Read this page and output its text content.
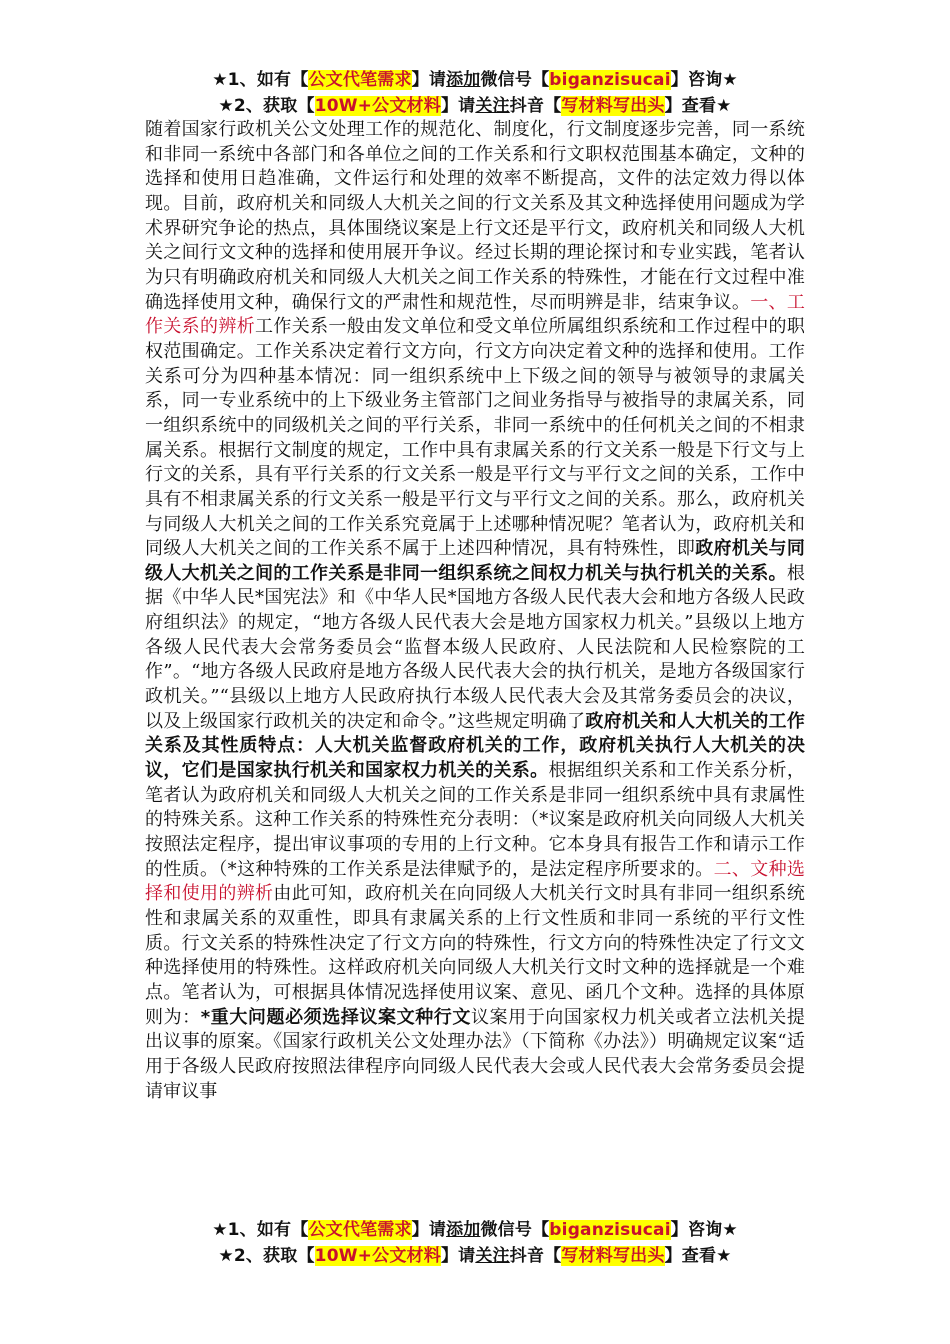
★1、如有【公文代笔需求】请添加微信号【biganzisucai】咨询★
★2、获取【10W+公文材料】请关注抖音【写材料写出头】查看★

随着国家行政机关公文处理工作的规范化、制度化，行文制度逐步完善，同一系统和非同一系统中各部门和各单位之间的工作关系和行文职权范围基本确定，文种的选择和使用日趋准确，文件运行和处理的效率不断提高，文件的法定效力得以体现。目前，政府机关和同级人大机关之间的行文关系及其文种选择使用问题成为学术界研究争论的热点，具体围绕议案是上行文还是平行文，政府机关和同级人大机关之间行文文种的选择和使用展开争议。经过长期的理论探讨和专业实践，笔者认为只有明确政府机关和同级人大机关之间工作关系的特殊性，才能在行文过程中准确选择使用文种，确保行文的严肃性和规范性，尽而明辨是非，结束争议。一、工作关系的辨析工作关系一般由发文单位和受文单位所属组织系统和工作过程中的职权范围确定。工作关系决定着行文方向，行文方向决定着文种的选择和使用。工作关系可分为四种基本情况：同一组织系统中上下级之间的领导与被领导的隶属关系，同一专业系统中的上下级业务主管部门之间业务指导与被指导的隶属关系，同一组织系统中的同级机关之间的平行关系，非同一系统中的任何机关之间的不相隶属关系。根据行文制度的规定，工作中具有隶属关系的行文关系一般是下行文与上行文的关系，具有平行关系的行文关系一般是平行文与平行文之间的关系，工作中具有不相隶属关系的行文关系一般是平行文与平行文之间的关系。那么，政府机关与同级人大机关之间的工作关系究竟属于上述哪种情况呢？笔者认为，政府机关和同级人大机关之间的工作关系不属于上述四种情况，具有特殊性，即政府机关与同级人大机关之间的工作关系是非同一组织系统之间权力机关与执行机关的关系。根据《中华人民*国宪法》和《中华人民*国地方各级人民代表大会和地方各级人民政府组织法》的规定，“地方各级人民代表大会是地方国家权力机关。”县级以上地方各级人民代表大会常务委员会“监督本级人民政府、人民法院和人民检察院的工作”。“地方各级人民政府是地方各级人民代表大会的执行机关，是地方各级国家行政机关。”“县级以上地方人民政府执行本级人民代表大会及其常务委员会的决议，以及上级国家行政机关的决定和命令。”这些规定明确了政府机关和人大机关的工作关系及其性质特点：人大机关监督政府机关的工作，政府机关执行人大机关的决议，它们是国家执行机关和国家权力机关的关系。根据组织关系和工作关系分析，笔者认为政府机关和同级人大机关之间的工作关系是非同一组织系统中具有隶属性的特殊关系。这种工作关系的特殊性充分表明：（*议案是政府机关向同级人大机关按照法定程序，提出审议事项的专用的上行文种。它本身具有报告工作和请示工作的性质。（*这种特殊的工作关系是法律赋予的，是法定程序所要求的。二、文种选择和使用的辨析由此可知，政府机关在向同级人大机关行文时具有非同一组织系统性和隶属关系的双重性，即具有隶属关系的上行文性质和非同一系统的平行文性质。行文关系的特殊性决定了行文方向的特殊性，行文方向的特殊性决定了行文文种选择使用的特殊性。这样政府机关向同级人大机关行文时文种的选择就是一个难点。笔者认为，可根据具体情况选择使用议案、意见、函几个文种。选择的具体原则为：*重大问题必须选择议案文种行文议案用于向国家权力机关或者立法机关提出议事的原案。《国家行政机关公文处理办法》（下简称《办法》）明确规定议案“适用于各级人民政府按照法律程序向同级人民代表大会或人民代表大会常务委员会提请审议事

★1、如有【公文代笔需求】请添加微信号【biganzisucai】咨询★
★2、获取【10W+公文材料】请关注抖音【写材料写出头】查看★
